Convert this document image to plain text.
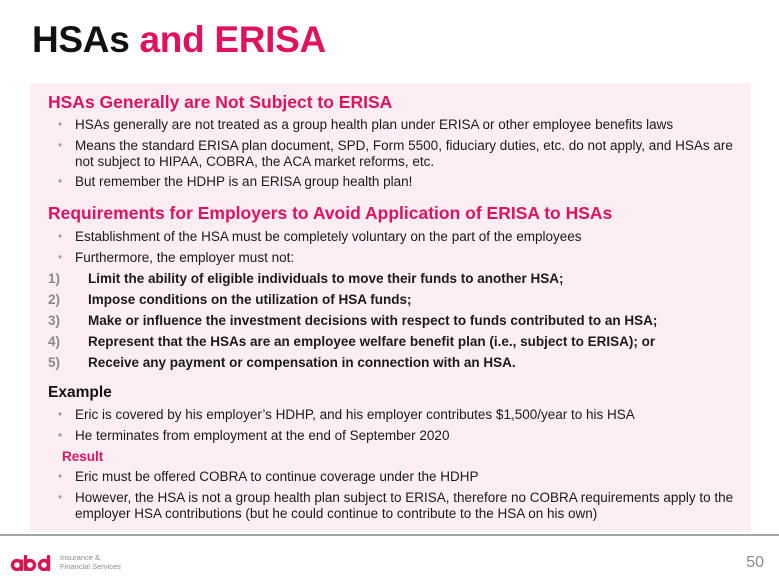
HSAs and ERISA
HSAs Generally are Not Subject to ERISA
• HSAs generally are not treated as a group health plan under ERISA or other employee benefits laws
• Means the standard ERISA plan document, SPD, Form 5500, fiduciary duties, etc. do not apply, and HSAs are not subject to HIPAA, COBRA, the ACA market reforms, etc.
• But remember the HDHP is an ERISA group health plan!
Requirements for Employers to Avoid Application of ERISA to HSAs
• Establishment of the HSA must be completely voluntary on the part of the employees
• Furthermore, the employer must not:
1) Limit the ability of eligible individuals to move their funds to another HSA;
2) Impose conditions on the utilization of HSA funds;
3) Make or influence the investment decisions with respect to funds contributed to an HSA;
4) Represent that the HSAs are an employee welfare benefit plan (i.e., subject to ERISA); or
5) Receive any payment or compensation in connection with an HSA.
Example
• Eric is covered by his employer’s HDHP, and his employer contributes $1,500/year to his HSA
• He terminates from employment at the end of September 2020
Result
• Eric must be offered COBRA to continue coverage under the HDHP
• However, the HSA is not a group health plan subject to ERISA, therefore no COBRA requirements apply to the employer HSA contributions (but he could continue to contribute to the HSA on his own)
Insurance &
Financial Services	50
